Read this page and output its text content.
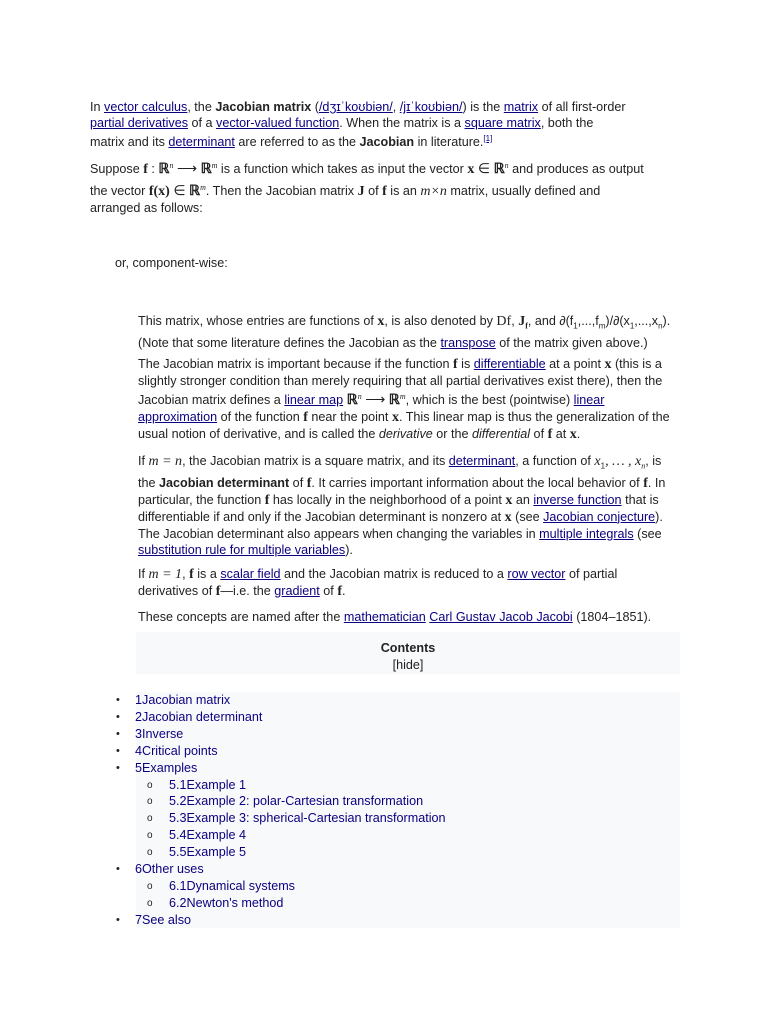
In vector calculus, the Jacobian matrix (/dʒɪˈkoʊbiən/, /jɪˈkoʊbiən/) is the matrix of all first-order partial derivatives of a vector-valued function. When the matrix is a square matrix, both the matrix and its determinant are referred to as the Jacobian in literature.[1]

Suppose f : ℝ$^n$ ⟶ ℝ$^m$ is a function which takes as input the vector x ∈ ℝ$^n$ and produces as output the vector f(x) ∈ ℝ$^m$. Then the Jacobian matrix J of f is an m×n matrix, usually defined and arranged as follows:

or, component-wise:

This matrix, whose entries are functions of x, is also denoted by Df, $J_f$, and $\partial(f_1,...,f_m)/\partial(x_1,...,x_n)$. (Note that some literature defines the Jacobian as the transpose of the matrix given above.)

The Jacobian matrix is important because if the function f is differentiable at a point x (this is a slightly stronger condition than merely requiring that all partial derivatives exist there), then the Jacobian matrix defines a linear map ℝ$^n$ ⟶ ℝ$^m$, which is the best (pointwise) linear approximation of the function f near the point x. This linear map is thus the generalization of the usual notion of derivative, and is called the derivative or the differential of f at x.

If m = n, the Jacobian matrix is a square matrix, and its determinant, a function of $x_1$, … , $x_n$, is the Jacobian determinant of f. It carries important information about the local behavior of f. In particular, the function f has locally in the neighborhood of a point x an inverse function that is differentiable if and only if the Jacobian determinant is nonzero at x (see Jacobian conjecture). The Jacobian determinant also appears when changing the variables in multiple integrals (see substitution rule for multiple variables).

If m = 1, f is a scalar field and the Jacobian matrix is reduced to a row vector of partial derivatives of f—i.e. the gradient of f.

These concepts are named after the mathematician Carl Gustav Jacob Jacobi (1804–1851).

Contents
[hide]
• 1Jacobian matrix
• 2Jacobian determinant
• 3Inverse
• 4Critical points
• 5Examples
o 5.1Example 1
o 5.2Example 2: polar-Cartesian transformation
o 5.3Example 3: spherical-Cartesian transformation
o 5.4Example 4
o 5.5Example 5
• 6Other uses
o 6.1Dynamical systems
o 6.2Newton's method
• 7See also
